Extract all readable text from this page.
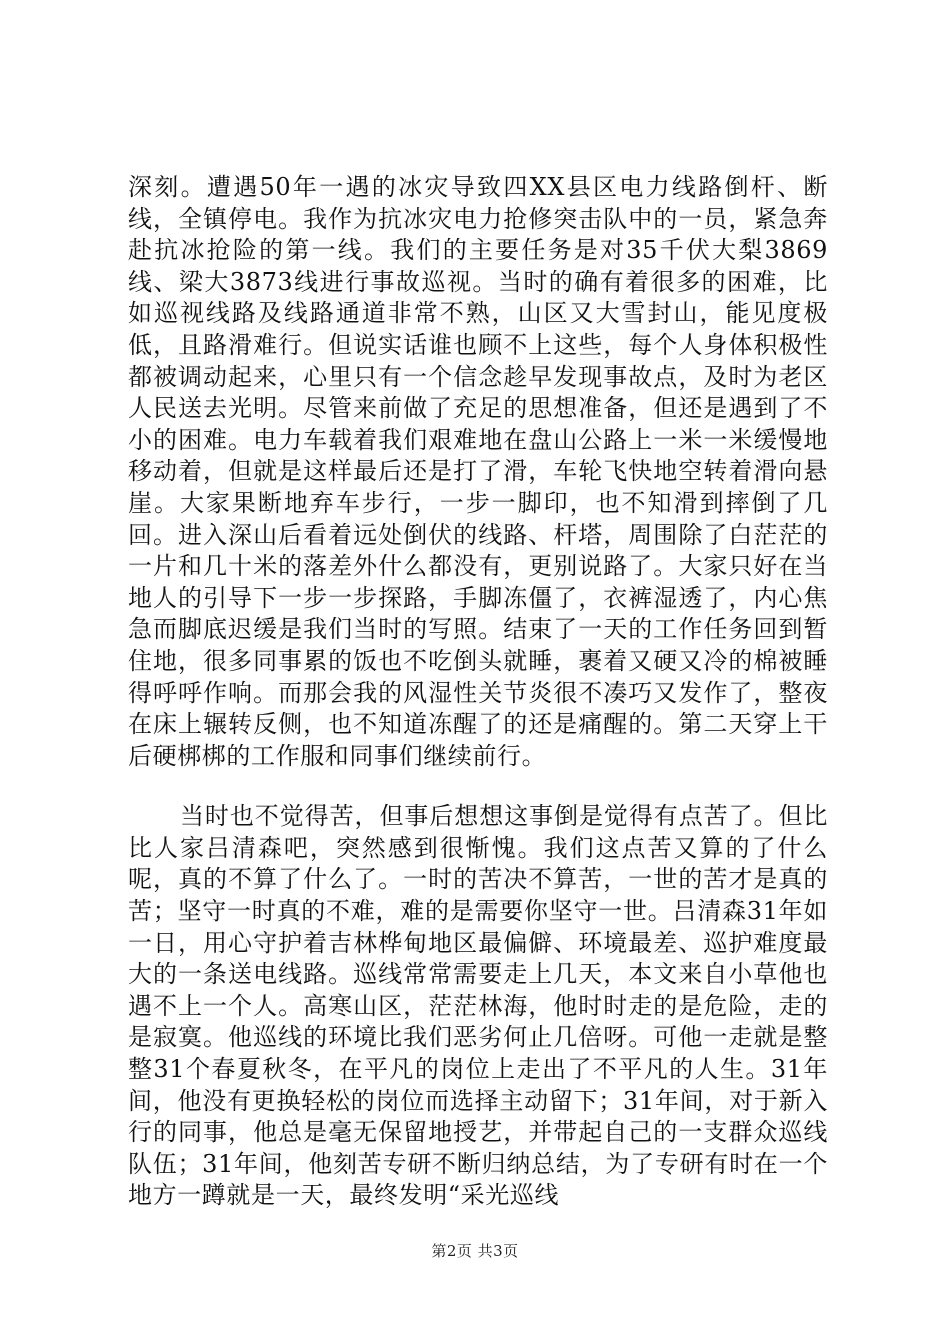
深刻。遭遇50年一遇的冰灾导致四XX县区电力线路倒杆、断线，全镇停电。我作为抗冰灾电力抢修突击队中的一员，紧急奔赴抗冰抢险的第一线。我们的主要任务是对35千伏大梨3869线、梁大3873线进行事故巡视。当时的确有着很多的困难，比如巡视线路及线路通道非常不熟，山区又大雪封山，能见度极低，且路滑难行。但说实话谁也顾不上这些，每个人身体积极性都被调动起来，心里只有一个信念趁早发现事故点，及时为老区人民送去光明。尽管来前做了充足的思想准备，但还是遇到了不小的困难。电力车载着我们艰难地在盘山公路上一米一米缓慢地移动着，但就是这样最后还是打了滑，车轮飞快地空转着滑向悬崖。大家果断地弃车步行，一步一脚印，也不知滑到摔倒了几回。进入深山后看着远处倒伏的线路、杆塔，周围除了白茫茫的一片和几十米的落差外什么都没有，更别说路了。大家只好在当地人的引导下一步一步探路，手脚冻僵了，衣裤湿透了，内心焦急而脚底迟缓是我们当时的写照。结束了一天的工作任务回到暂住地，很多同事累的饭也不吃倒头就睡，裹着又硬又冷的棉被睡得呼呼作响。而那会我的风湿性关节炎很不凑巧又发作了，整夜在床上辗转反侧，也不知道冻醒了的还是痛醒的。第二天穿上干后硬梆梆的工作服和同事们继续前行。

当时也不觉得苦，但事后想想这事倒是觉得有点苦了。但比比人家吕清森吧，突然感到很惭愧。我们这点苦又算的了什么呢，真的不算了什么了。一时的苦决不算苦，一世的苦才是真的苦；坚守一时真的不难，难的是需要你坚守一世。吕清森31年如一日，用心守护着吉林桦甸地区最偏僻、环境最差、巡护难度最大的一条送电线路。巡线常常需要走上几天，本文来自小草他也遇不上一个人。高寒山区，茫茫林海，他时时走的是危险，走的是寂寞。他巡线的环境比我们恶劣何止几倍呀。可他一走就是整整31个春夏秋冬，在平凡的岗位上走出了不平凡的人生。31年间，他没有更换轻松的岗位而选择主动留下；31年间，对于新入行的同事，他总是毫无保留地授艺，并带起自己的一支群众巡线队伍；31年间，他刻苦专研不断归纳总结，为了专研有时在一个地方一蹲就是一天，最终发明“采光巡线

第2页 共3页
